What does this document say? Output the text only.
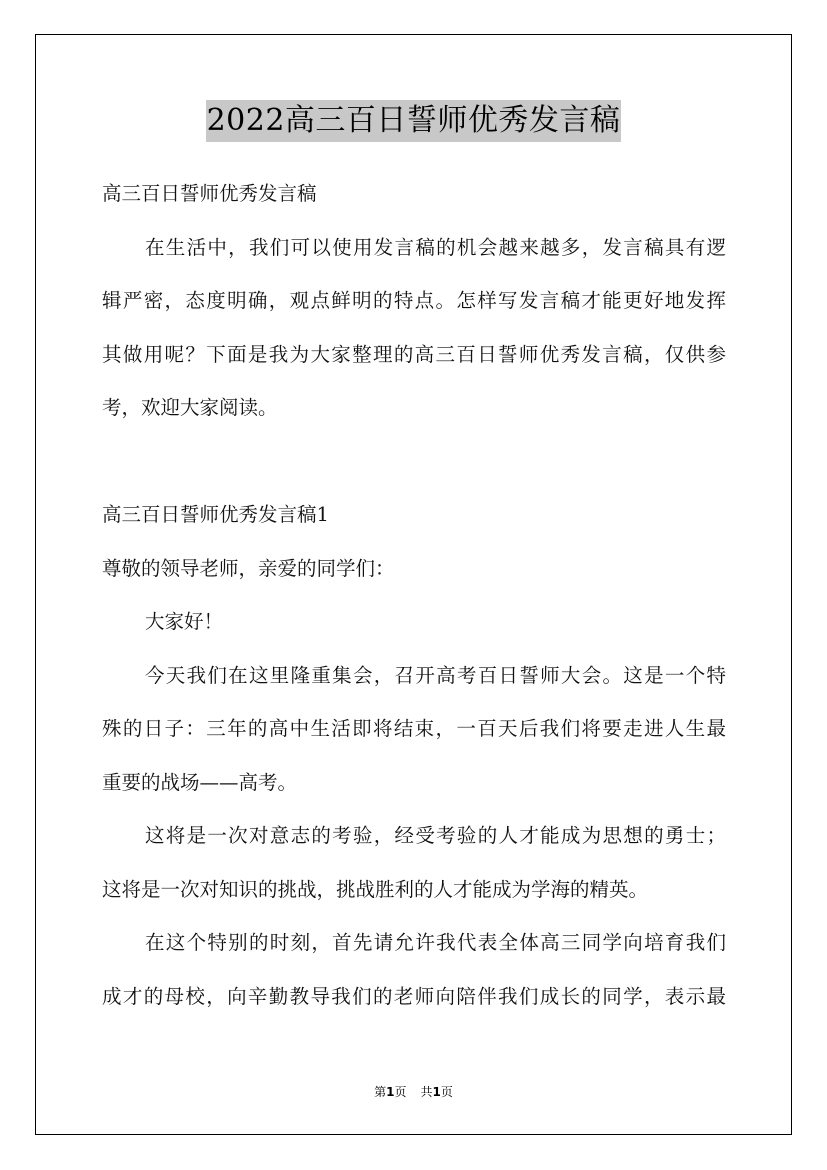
2022高三百日誓师优秀发言稿
高三百日誓师优秀发言稿
在生活中，我们可以使用发言稿的机会越来越多，发言稿具有逻
辑严密，态度明确，观点鲜明的特点。怎样写发言稿才能更好地发挥
其做用呢？下面是我为大家整理的高三百日誓师优秀发言稿，仅供参
考，欢迎大家阅读。
高三百日誓师优秀发言稿1
尊敬的领导老师，亲爱的同学们：
大家好！
今天我们在这里隆重集会，召开高考百日誓师大会。这是一个特
殊的日子：三年的高中生活即将结束，一百天后我们将要走进人生最
重要的战场——高考。
这将是一次对意志的考验，经受考验的人才能成为思想的勇士；
这将是一次对知识的挑战，挑战胜利的人才能成为学海的精英。
在这个特别的时刻，首先请允许我代表全体高三同学向培育我们
成才的母校，向辛勤教导我们的老师向陪伴我们成长的同学，表示最
第1页 共1页
